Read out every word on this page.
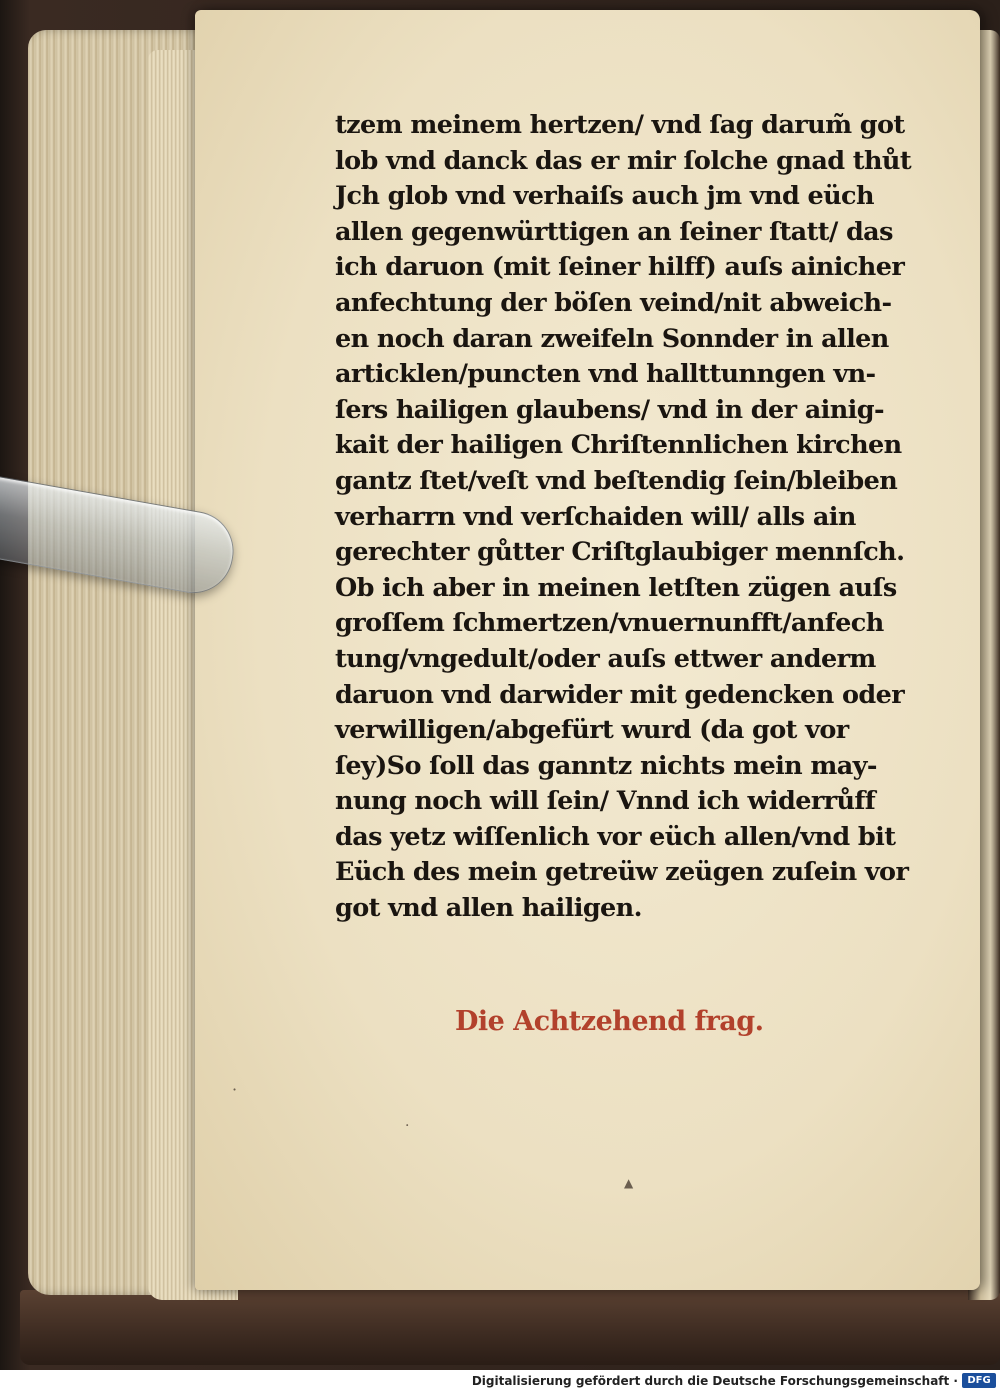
tzem meinem hertzen/ vnd ſag darum̃ got
lob vnd danck das er mir ſolche gnad thůt
Jch glob vnd verhaiſs auch jm vnd eüch
allen gegenwürttigen an ſeiner ſtatt/ das
ich daruon (mit ſeiner hilff) auſs ainicher
anfechtung der böſen veind/nit abweich-
en noch daran zweifeln Sonnder in allen
articklen/puncten vnd hallttunngen vn-
ſers hailigen glaubens/ vnd in der ainig-
kait der hailigen Chriſtennlichen kirchen
gantz ſtet/veſt vnd beſtendig ſein/bleiben
verharrn vnd verſchaiden will/ alls ain
gerechter gůtter Criſtglaubiger mennſch.
Ob ich aber in meinen letſten zügen auſs
groſſem ſchmertzen/vnuernunfft/anfech
tung/vngedult/oder auſs ettwer anderm
daruon vnd darwider mit gedencken oder
verwilligen/abgefürt wurd (da got vor
ſey)So ſoll das ganntz nichts mein may-
nung noch will ſein/ Vnnd ich widerrůff
das yetz wiſſenlich vor eüch allen/vnd bit
Eüch des mein getreüw zeügen zuſein vor
got vnd allen hailigen.
Die Achtzehend frag.
·
·
▲
Digitalisierung gefördert durch die Deutsche Forschungsgemeinschaft · DFG
